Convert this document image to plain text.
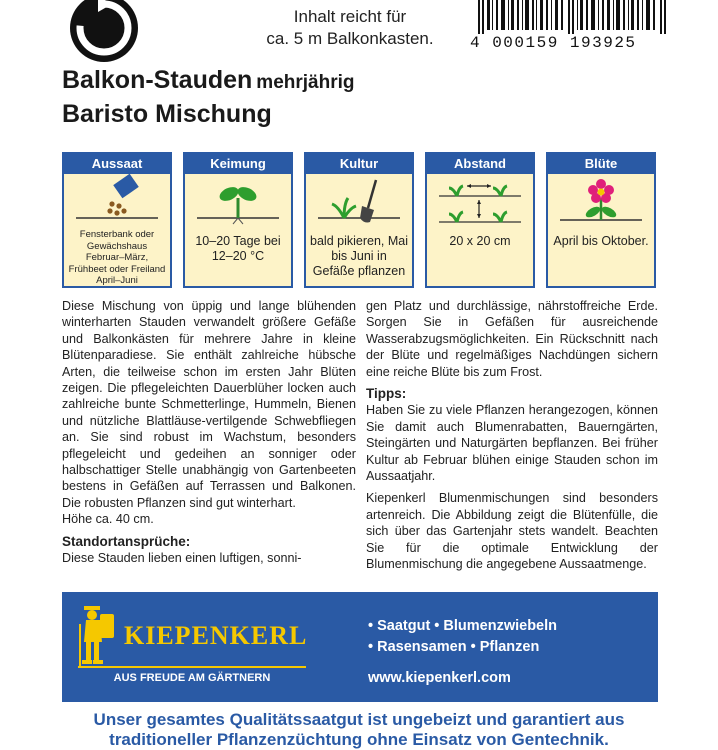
Inhalt reicht für
ca. 5 m Balkonkasten.	4 000159 193925
Balkon-Stauden mehrjährig
Baristo Mischung
Aussaat
Fensterbank oder Gewächshaus Februar–März, Frühbeet oder Freiland April–Juni
Keimung
10–20 Tage bei 12–20 °C
Kultur
bald pikieren, Mai bis Juni in Gefäße pflanzen
Abstand
20 x 20 cm
Blüte
April bis Oktober.

Diese Mischung von üppig und lange blühenden winterharten Stauden verwandelt größere Gefäße und Balkonkästen für mehrere Jahre in kleine Blütenparadiese. Sie enthält zahlreiche hübsche Arten, die teilweise schon im ersten Jahr Blüten zeigen. Die pflegeleichten Dauerblüher locken auch zahlreiche bunte Schmetterlinge, Hummeln, Bienen und nützliche Blattläuse-vertilgende Schwebfliegen an. Sie sind robust im Wachstum, besonders pflegeleicht und gedeihen an sonniger oder halbschattiger Stelle unabhängig von Gartenbeeten bestens in Gefäßen auf Terrassen und Balkonen. Die robusten Pflanzen sind gut winterhart.

Höhe ca. 40 cm.

Standortansprüche:

Diese Stauden lieben einen luftigen, sonni-

gen Platz und durchlässige, nährstoffreiche Erde. Sorgen Sie in Gefäßen für ausreichende Wasserabzugsmöglichkeiten. Ein Rückschnitt nach der Blüte und regelmäßiges Nachdüngen sichern eine reiche Blüte bis zum Frost.

Tipps:

Haben Sie zu viele Pflanzen herangezogen, können Sie damit auch Blumenrabatten, Bauerngärten, Steingärten und Naturgärten bepflanzen. Bei früher Kultur ab Februar blühen einige Stauden schon im Aussaatjahr.

Kiepenkerl Blumenmischungen sind besonders artenreich. Die Abbildung zeigt die Blütenfülle, die sich über das Gartenjahr stets wandelt. Beachten Sie für die optimale Entwicklung der Blumenmischung die angegebene Aussaatmenge.

KIEPENKERL
AUS FREUDE AM GÄRTNERN
• Saatgut • Blumenzwiebeln
• Rasensamen • Pflanzen
www.kiepenkerl.com
Unser gesamtes Qualitätssaatgut ist ungebeizt und garantiert aus
traditioneller Pflanzenzüchtung ohne Einsatz von Gentechnik.
